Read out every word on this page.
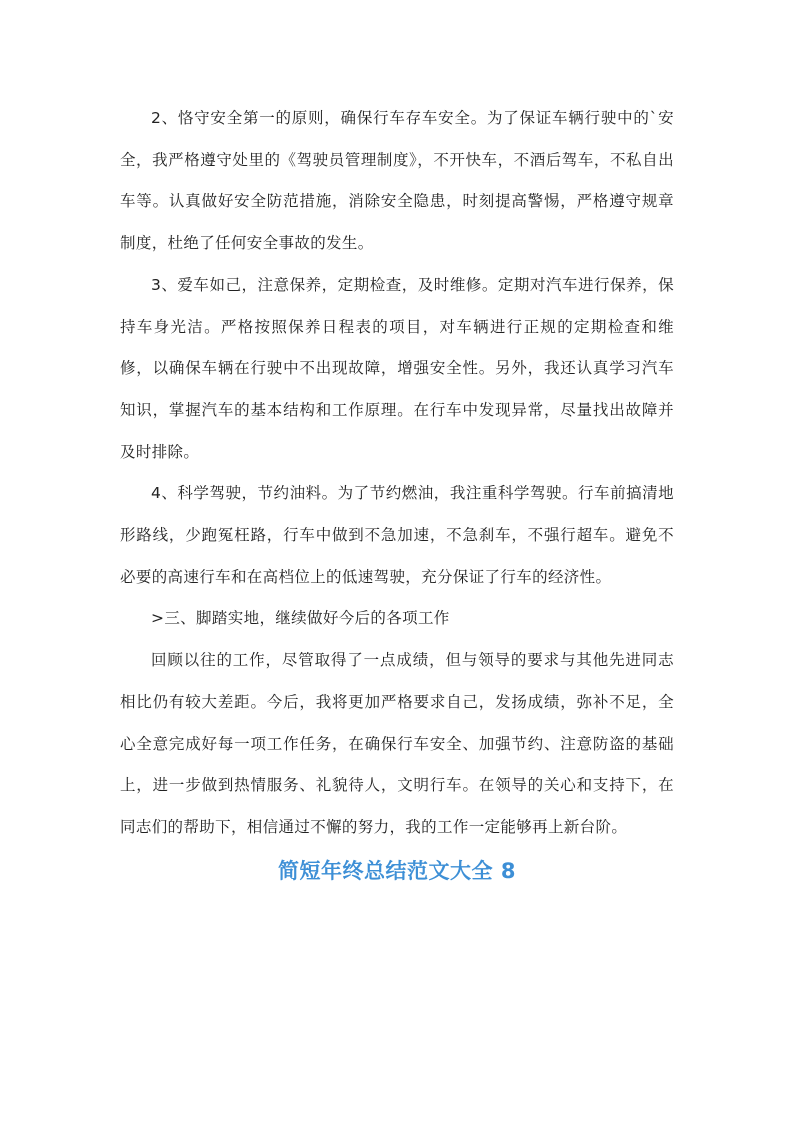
2、恪守安全第一的原则，确保行车存车安全。为了保证车辆行驶中的`安全，我严格遵守处里的《驾驶员管理制度》，不开快车，不酒后驾车，不私自出车等。认真做好安全防范措施，消除安全隐患，时刻提高警惕，严格遵守规章制度，杜绝了任何安全事故的发生。

3、爱车如己，注意保养，定期检查，及时维修。定期对汽车进行保养，保持车身光洁。严格按照保养日程表的项目，对车辆进行正规的定期检查和维修，以确保车辆在行驶中不出现故障，增强安全性。另外，我还认真学习汽车知识，掌握汽车的基本结构和工作原理。在行车中发现异常，尽量找出故障并及时排除。

4、科学驾驶，节约油料。为了节约燃油，我注重科学驾驶。行车前搞清地形路线，少跑冤枉路，行车中做到不急加速，不急刹车，不强行超车。避免不必要的高速行车和在高档位上的低速驾驶，充分保证了行车的经济性。

>三、脚踏实地，继续做好今后的各项工作

回顾以往的工作，尽管取得了一点成绩，但与领导的要求与其他先进同志相比仍有较大差距。今后，我将更加严格要求自己，发扬成绩，弥补不足，全心全意完成好每一项工作任务，在确保行车安全、加强节约、注意防盗的基础上，进一步做到热情服务、礼貌待人，文明行车。在领导的关心和支持下，在同志们的帮助下，相信通过不懈的努力，我的工作一定能够再上新台阶。

简短年终总结范文大全 8
